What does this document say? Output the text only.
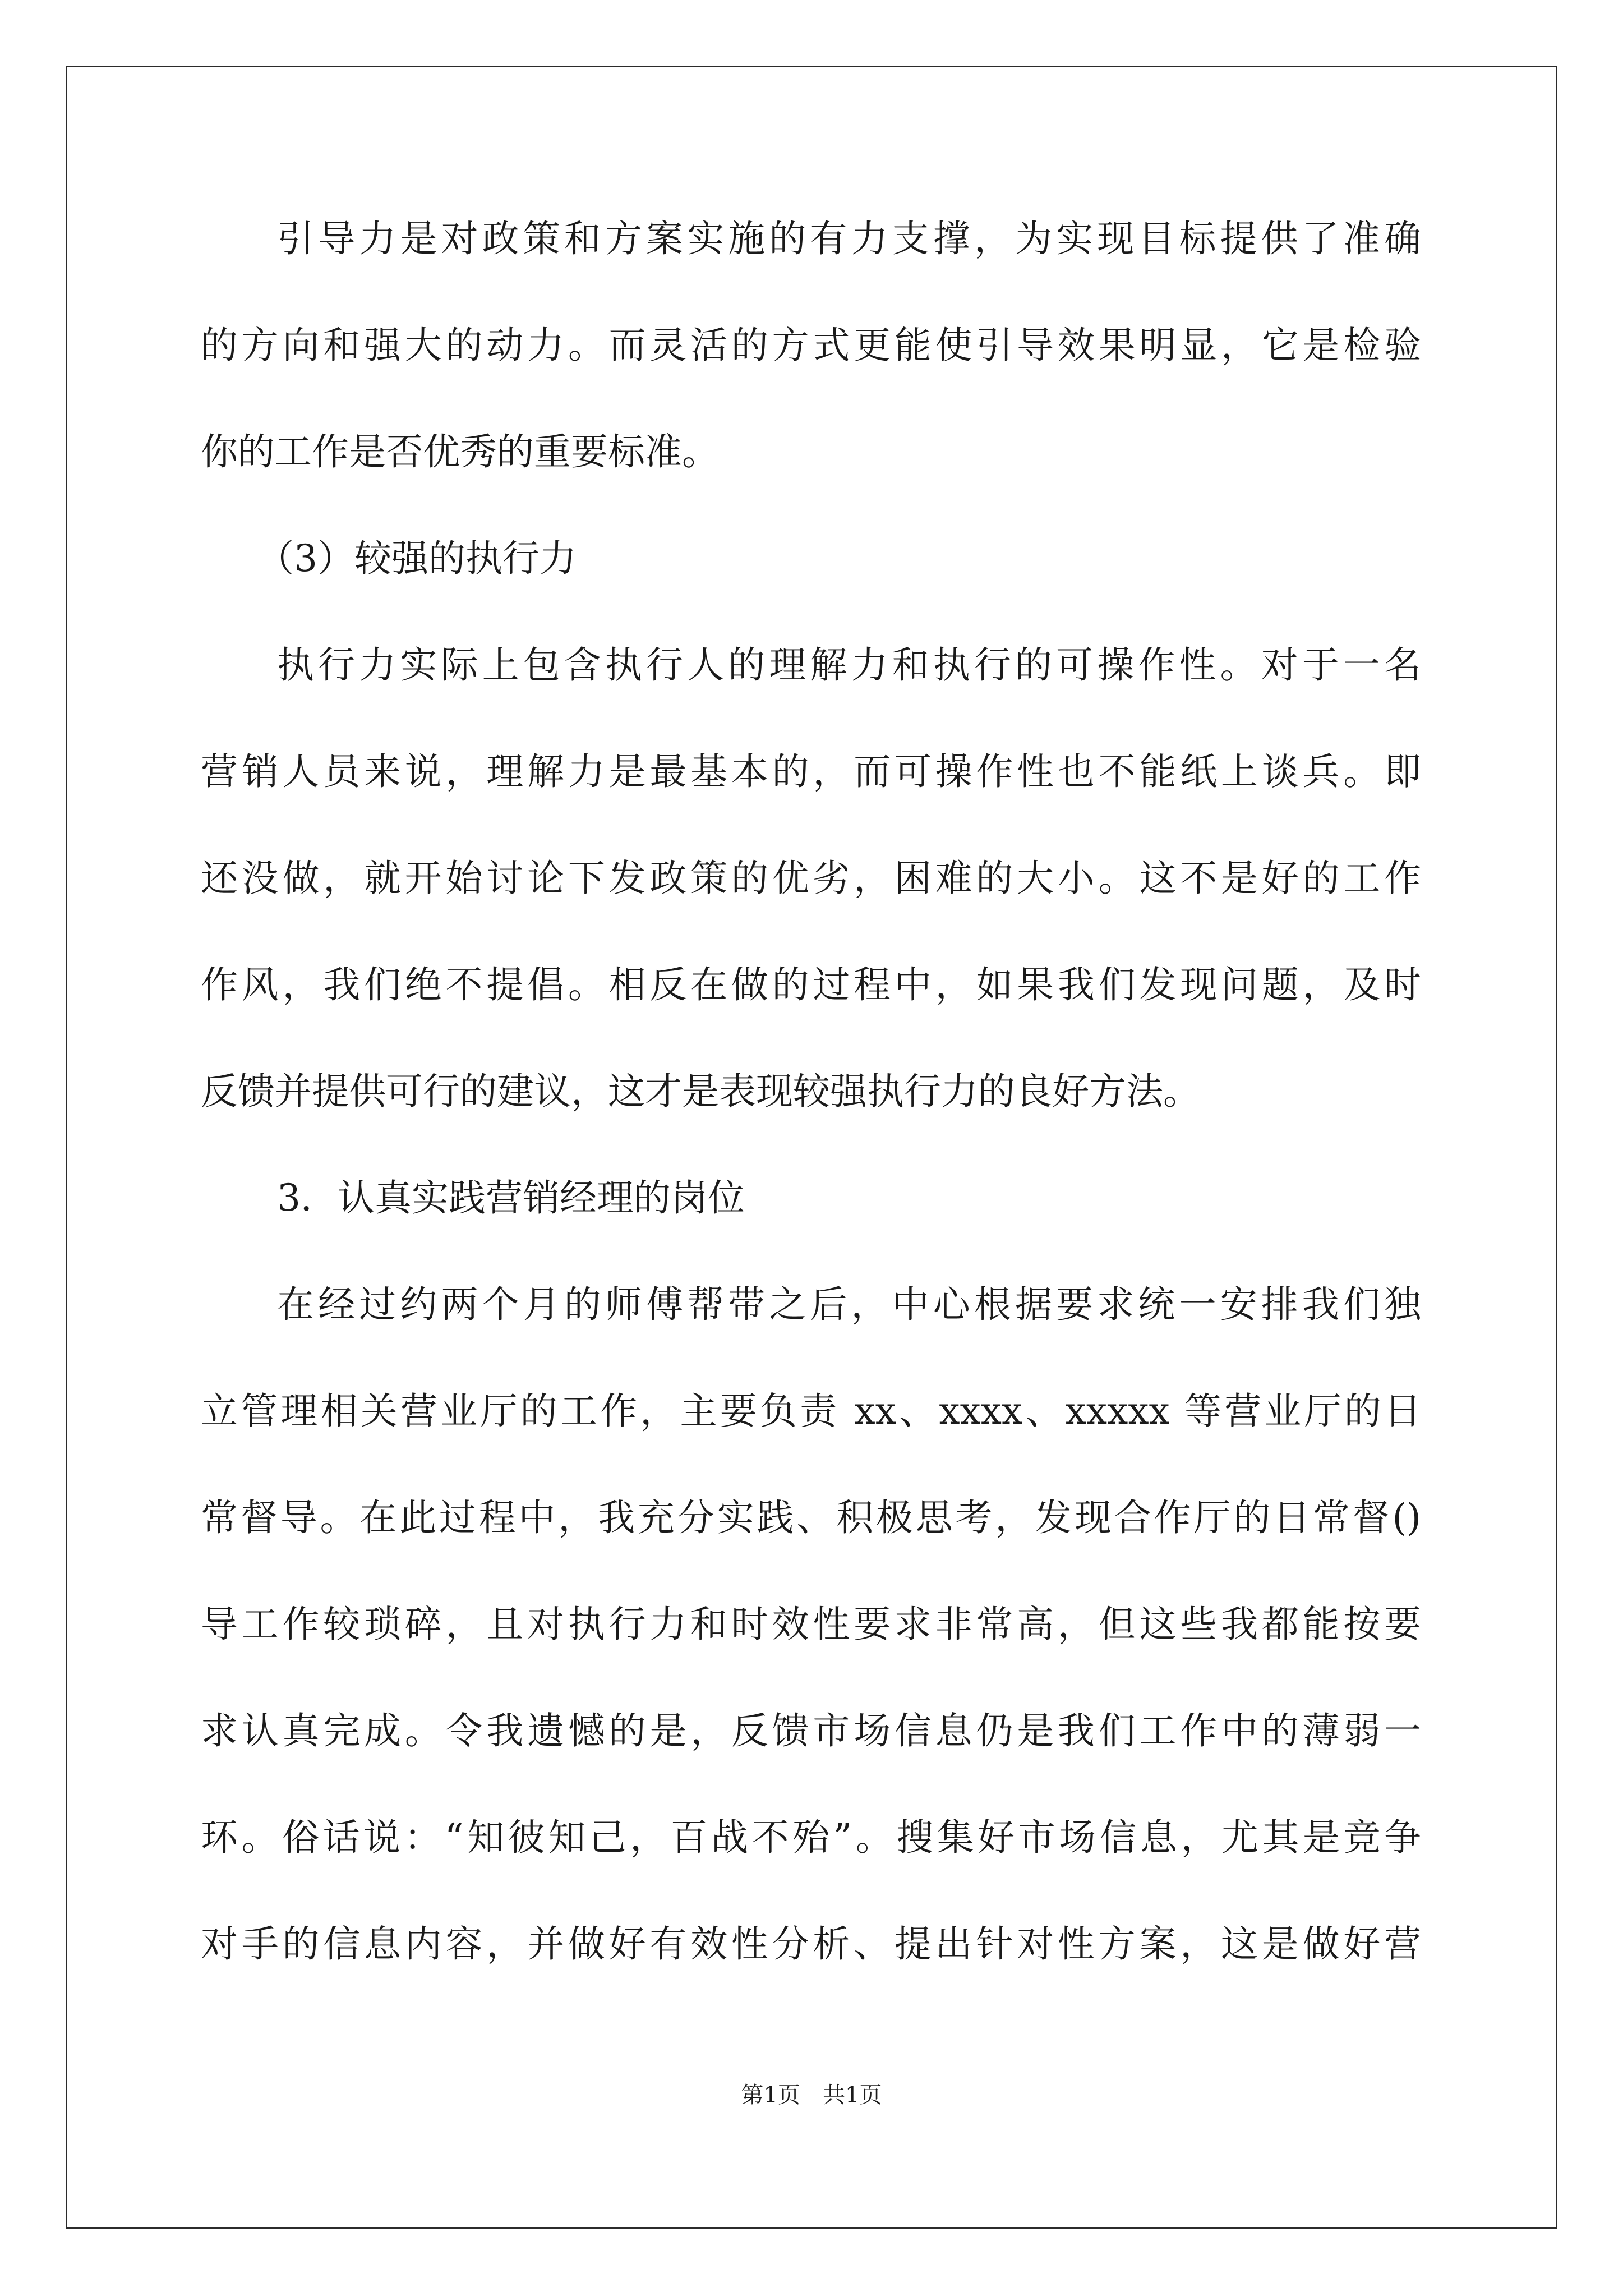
引导力是对政策和方案实施的有力支撑，为实现目标提供了准确
的方向和强大的动力。而灵活的方式更能使引导效果明显，它是检验
你的工作是否优秀的重要标准。
（3）较强的执行力
执行力实际上包含执行人的理解力和执行的可操作性。对于一名
营销人员来说，理解力是最基本的，而可操作性也不能纸上谈兵。即
还没做，就开始讨论下发政策的优劣，困难的大小。这不是好的工作
作风，我们绝不提倡。相反在做的过程中，如果我们发现问题，及时
反馈并提供可行的建议，这才是表现较强执行力的良好方法。
3．认真实践营销经理的岗位
在经过约两个月的师傅帮带之后，中心根据要求统一安排我们独
立管理相关营业厅的工作，主要负责 xx、xxxx、xxxxx 等营业厅的日
常督导。在此过程中，我充分实践、积极思考，发现合作厅的日常督()
导工作较琐碎，且对执行力和时效性要求非常高，但这些我都能按要
求认真完成。令我遗憾的是，反馈市场信息仍是我们工作中的薄弱一
环。俗话说：“知彼知己，百战不殆”。搜集好市场信息，尤其是竞争
对手的信息内容，并做好有效性分析、提出针对性方案，这是做好营
第1页　共1页
